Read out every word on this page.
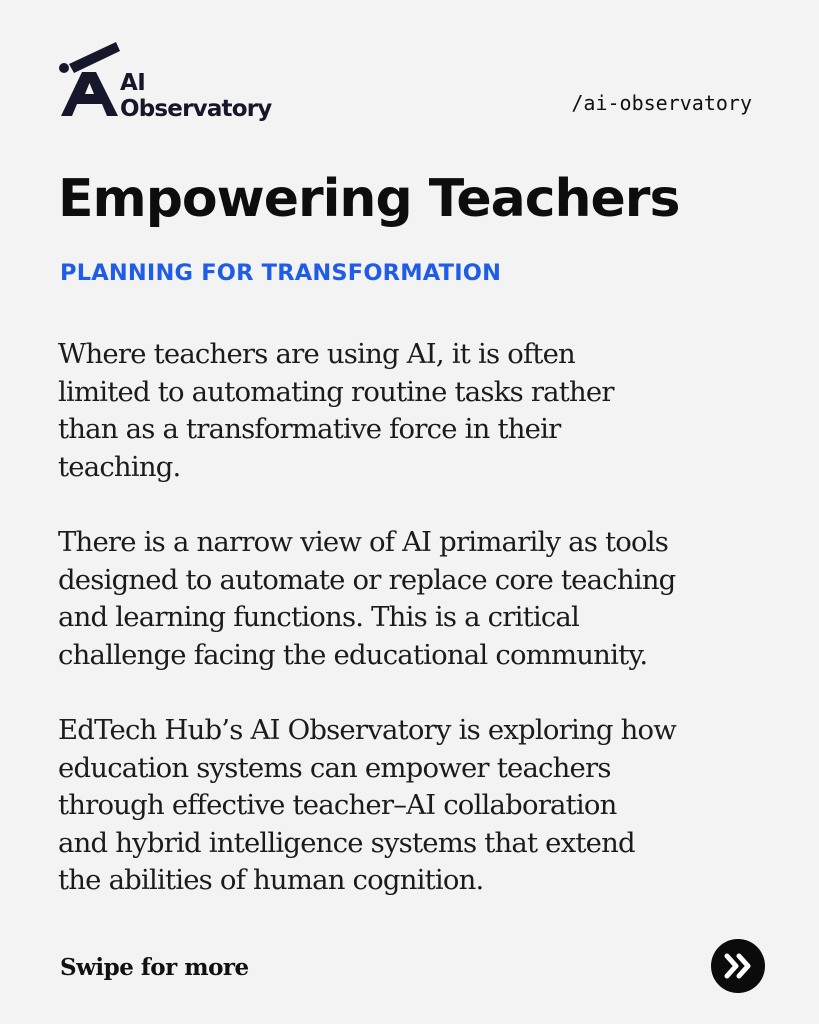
AI
Observatory	/ai-observatory
Empowering Teachers
PLANNING FOR TRANSFORMATION

Where teachers are using AI, it is often
limited to automating routine tasks rather
than as a transformative force in their
teaching.

There is a narrow view of AI primarily as tools
designed to automate or replace core teaching
and learning functions. This is a critical
challenge facing the educational community.

EdTech Hub’s AI Observatory is exploring how
education systems can empower teachers
through effective teacher–AI collaboration
and hybrid intelligence systems that extend
the abilities of human cognition.

Swipe for more
